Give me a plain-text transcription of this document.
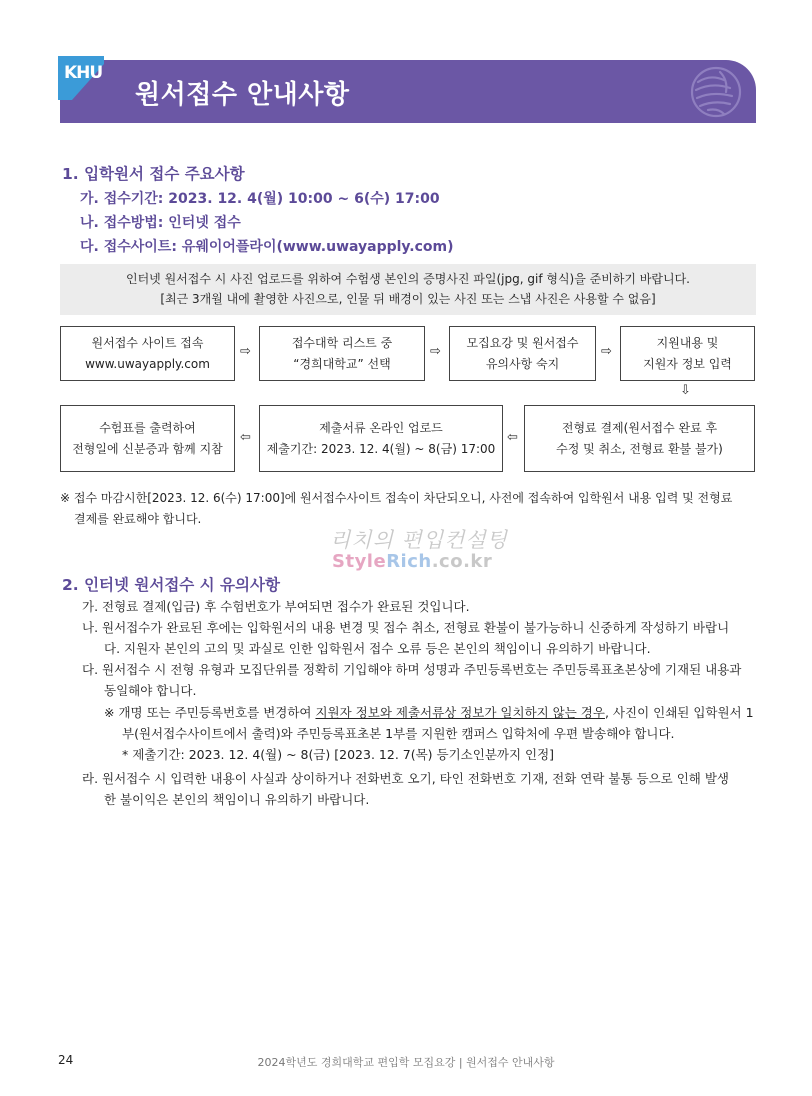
KHU
원서접수 안내사항
1. 입학원서 접수 주요사항
가. 접수기간: 2023. 12. 4(월) 10:00 ~ 6(수) 17:00
나. 접수방법: 인터넷 접수
다. 접수사이트: 유웨이어플라이(www.uwayapply.com)
인터넷 원서접수 시 사진 업로드를 위하여 수험생 본인의 증명사진 파일(jpg, gif 형식)을 준비하기 바랍니다.
[최근 3개월 내에 촬영한 사진으로, 인물 뒤 배경이 있는 사진 또는 스냅 사진은 사용할 수 없음]
원서접수 사이트 접속
www.uwayapply.com
⇨
접수대학 리스트 중
“경희대학교” 선택
⇨
모집요강 및 원서접수
유의사항 숙지
⇨
지원내용 및
지원자 정보 입력
⇩
수험표를 출력하여
전형일에 신분증과 함께 지참
⇦
제출서류 온라인 업로드
제출기간: 2023. 12. 4(월) ~ 8(금) 17:00
⇦
전형료 결제(원서접수 완료 후
수정 및 취소, 전형료 환불 불가)
※ 접수 마감시한[2023. 12. 6(수) 17:00]에 원서접수사이트 접속이 차단되오니, 사전에 접속하여 입학원서 내용 입력 및 전형료
결제를 완료해야 합니다.
리치의 편입컨설팅
StyleRich.co.kr
2. 인터넷 원서접수 시 유의사항
가. 전형료 결제(입금) 후 수험번호가 부여되면 접수가 완료된 것입니다.
나. 원서접수가 완료된 후에는 입학원서의 내용 변경 및 접수 취소, 전형료 환불이 불가능하니 신중하게 작성하기 바랍니
다. 지원자 본인의 고의 및 과실로 인한 입학원서 접수 오류 등은 본인의 책임이니 유의하기 바랍니다.
다. 원서접수 시 전형 유형과 모집단위를 정확히 기입해야 하며 성명과 주민등록번호는 주민등록표초본상에 기재된 내용과
동일해야 합니다.
※ 개명 또는 주민등록번호를 변경하여 지원자 정보와 제출서류상 정보가 일치하지 않는 경우, 사진이 인쇄된 입학원서 1
부(원서접수사이트에서 출력)와 주민등록표초본 1부를 지원한 캠퍼스 입학처에 우편 발송해야 합니다.
* 제출기간: 2023. 12. 4(월) ~ 8(금) [2023. 12. 7(목) 등기소인분까지 인정]
라. 원서접수 시 입력한 내용이 사실과 상이하거나 전화번호 오기, 타인 전화번호 기재, 전화 연락 불통 등으로 인해 발생
한 불이익은 본인의 책임이니 유의하기 바랍니다.
24	2024학년도 경희대학교 편입학 모집요강 | 원서접수 안내사항
